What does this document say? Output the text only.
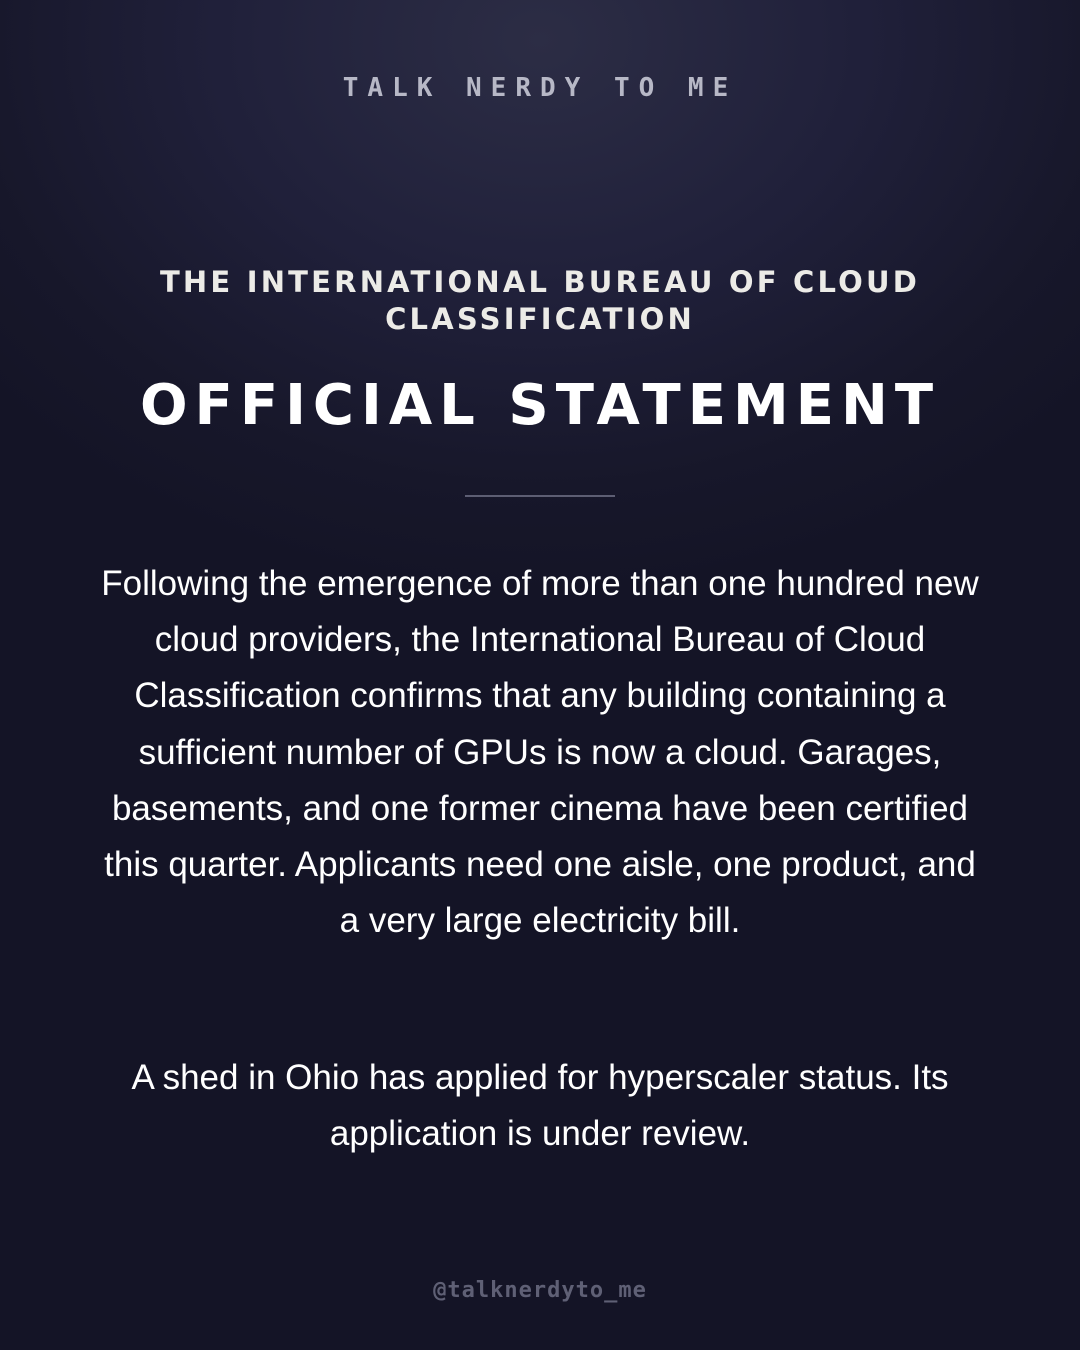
TALK NERDY TO ME
THE INTERNATIONAL BUREAU OF CLOUD CLASSIFICATION
OFFICIAL STATEMENT

Following the emergence of more than one hundred new cloud providers, the International Bureau of Cloud Classification confirms that any building containing a sufficient number of GPUs is now a cloud. Garages, basements, and one former cinema have been certified this quarter. Applicants need one aisle, one product, and a very large electricity bill.

A shed in Ohio has applied for hyperscaler status. Its application is under review.

@talknerdyto_me
